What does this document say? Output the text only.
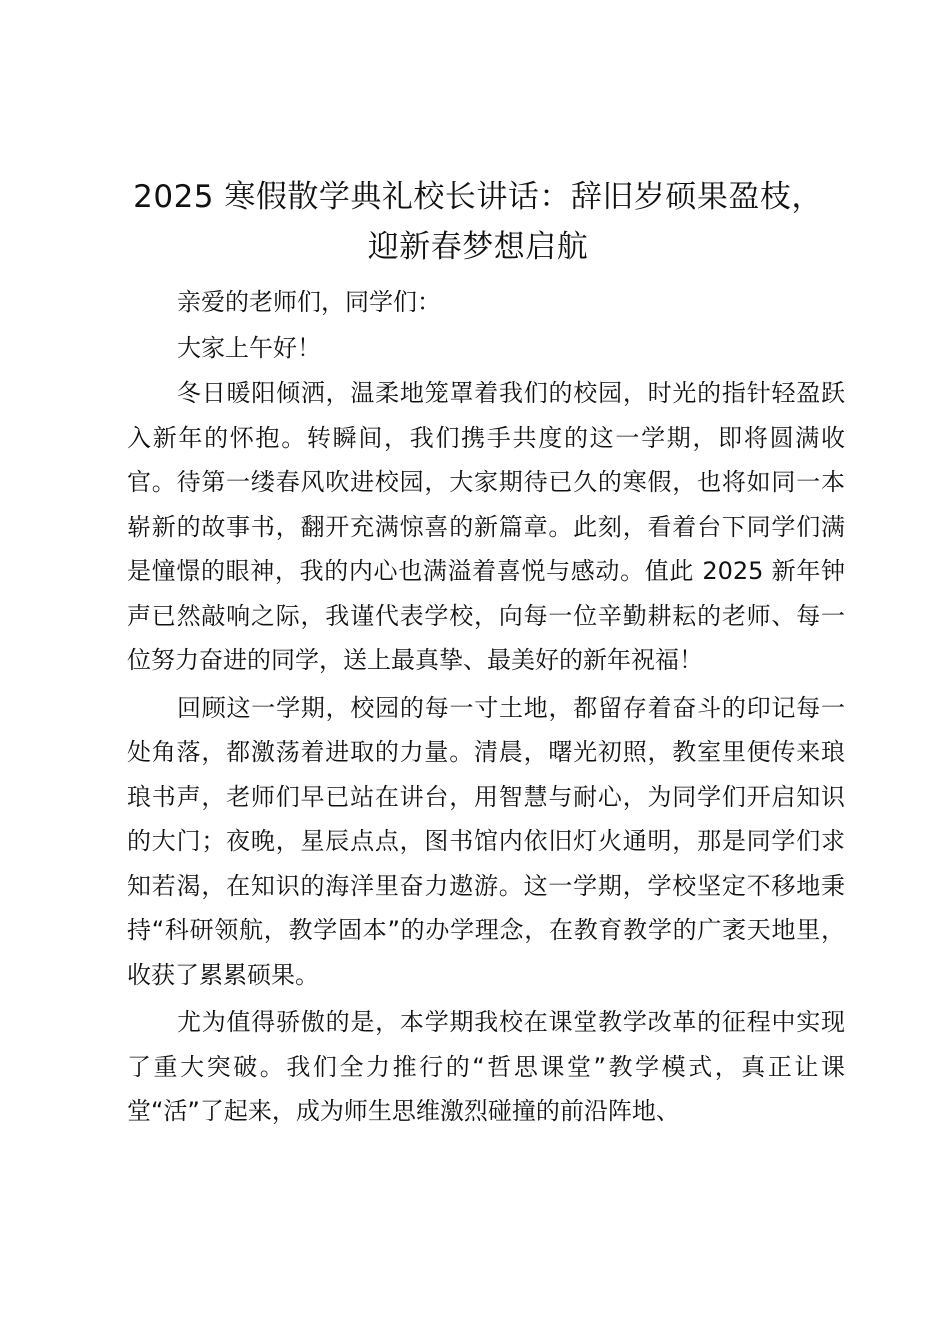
2025 寒假散学典礼校长讲话：辞旧岁硕果盈枝，迎新春梦想启航

亲爱的老师们，同学们：

大家上午好！

冬日暖阳倾洒，温柔地笼罩着我们的校园，时光的指针轻盈跃入新年的怀抱。转瞬间，我们携手共度的这一学期，即将圆满收官。待第一缕春风吹进校园，大家期待已久的寒假，也将如同一本崭新的故事书，翻开充满惊喜的新篇章。此刻，看着台下同学们满是憧憬的眼神，我的内心也满溢着喜悦与感动。值此 2025 新年钟声已然敲响之际，我谨代表学校，向每一位辛勤耕耘的老师、每一位努力奋进的同学，送上最真挚、最美好的新年祝福！

回顾这一学期，校园的每一寸土地，都留存着奋斗的印记每一处角落，都激荡着进取的力量。清晨，曙光初照，教室里便传来琅琅书声，老师们早已站在讲台，用智慧与耐心，为同学们开启知识的大门；夜晚，星辰点点，图书馆内依旧灯火通明，那是同学们求知若渴，在知识的海洋里奋力遨游。这一学期，学校坚定不移地秉持“科研领航，教学固本”的办学理念，在教育教学的广袤天地里，收获了累累硕果。

尤为值得骄傲的是，本学期我校在课堂教学改革的征程中实现了重大突破。我们全力推行的“哲思课堂”教学模式，真正让课堂“活”了起来，成为师生思维激烈碰撞的前沿阵地、
